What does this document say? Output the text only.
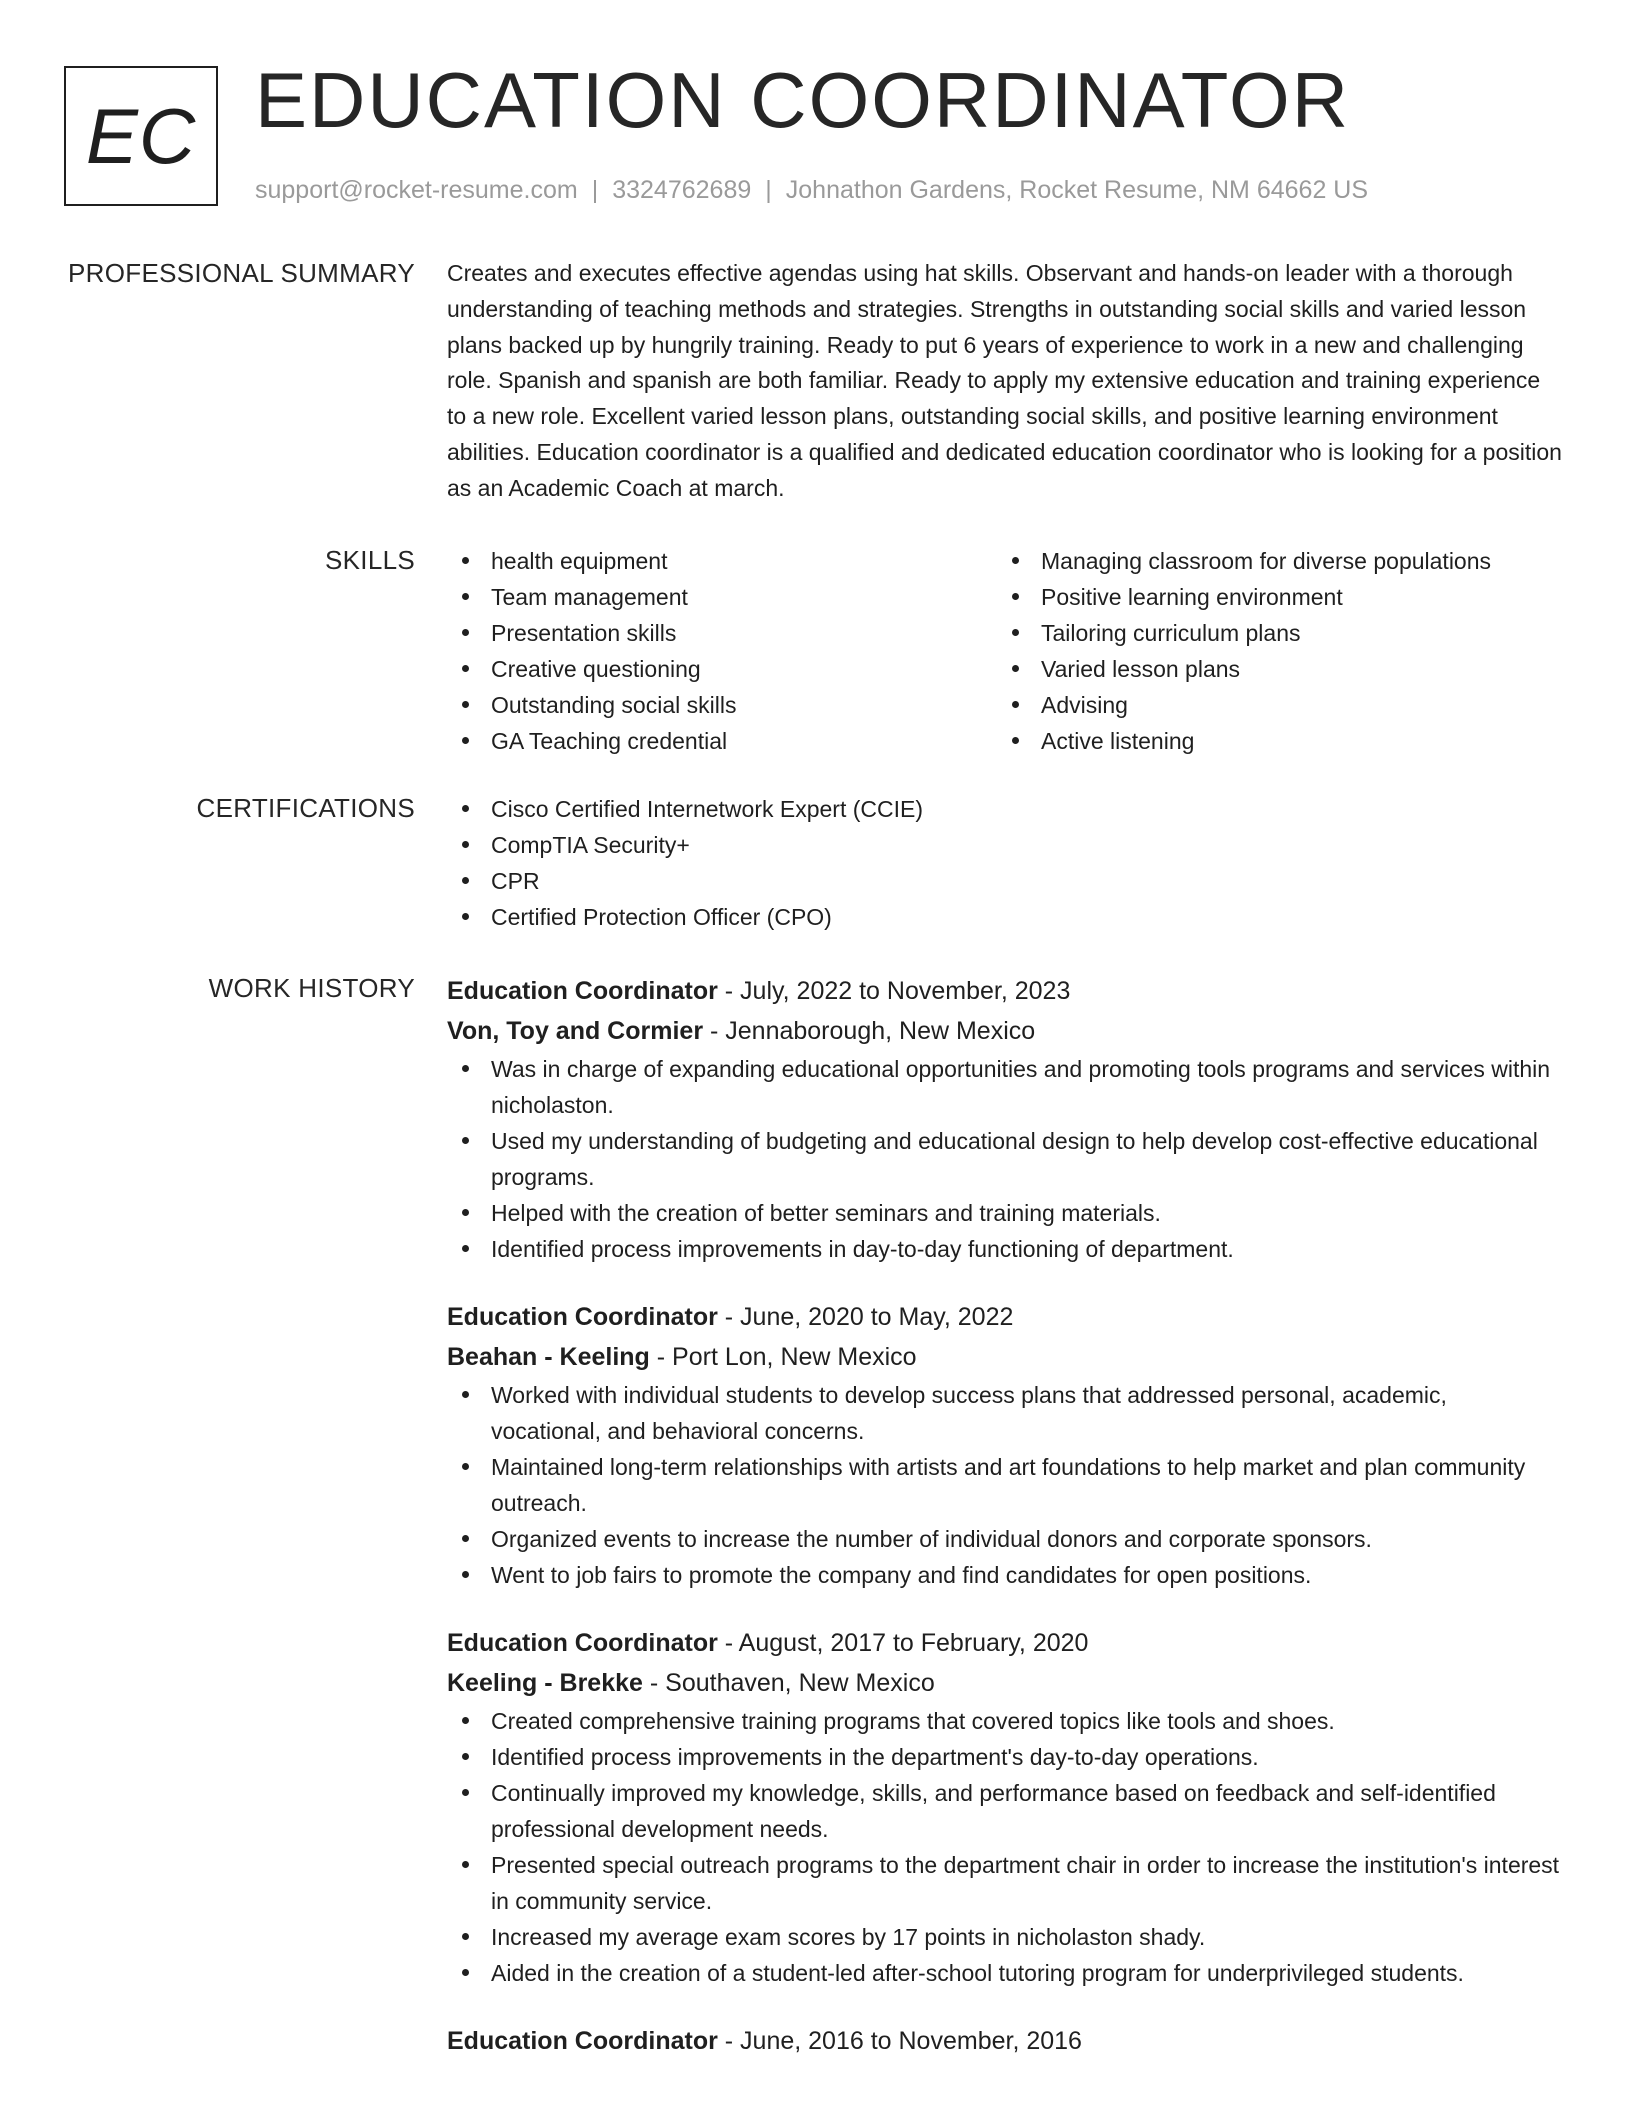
EC EDUCATION COORDINATOR
support@rocket-resume.com | 3324762689 | Johnathon Gardens, Rocket Resume, NM 64662 US
PROFESSIONAL SUMMARY Creates and executes effective agendas using hat skills. Observant and hands-on leader with a thorough understanding of teaching methods and strategies. Strengths in outstanding social skills and varied lesson plans backed up by hungrily training. Ready to put 6 years of experience to work in a new and challenging role. Spanish and spanish are both familiar. Ready to apply my extensive education and training experience to a new role. Excellent varied lesson plans, outstanding social skills, and positive learning environment abilities. Education coordinator is a qualified and dedicated education coordinator who is looking for a position as an Academic Coach at march.

SKILLS	health equipment
Team management
Presentation skills
Creative questioning
Outstanding social skills
GA Teaching credential
Managing classroom for diverse populations
Positive learning environment
Tailoring curriculum plans
Varied lesson plans
Advising
Active listening
CERTIFICATIONS	Cisco Certified Internetwork Expert (CCIE)
CompTIA Security+
CPR
Certified Protection Officer (CPO)
WORK HISTORY Education Coordinator - July, 2022 to November, 2023
Von, Toy and Cormier - Jennaborough, New Mexico
Was in charge of expanding educational opportunities and promoting tools programs and services within nicholaston.
Used my understanding of budgeting and educational design to help develop cost-effective educational programs.
Helped with the creation of better seminars and training materials.
Identified process improvements in day-to-day functioning of department.
Education Coordinator - June, 2020 to May, 2022
Beahan - Keeling - Port Lon, New Mexico
Worked with individual students to develop success plans that addressed personal, academic, vocational, and behavioral concerns.
Maintained long-term relationships with artists and art foundations to help market and plan community outreach.
Organized events to increase the number of individual donors and corporate sponsors.
Went to job fairs to promote the company and find candidates for open positions.
Education Coordinator - August, 2017 to February, 2020
Keeling - Brekke - Southaven, New Mexico
Created comprehensive training programs that covered topics like tools and shoes.
Identified process improvements in the department's day-to-day operations.
Continually improved my knowledge, skills, and performance based on feedback and self-identified professional development needs.
Presented special outreach programs to the department chair in order to increase the institution's interest in community service.
Increased my average exam scores by 17 points in nicholaston shady.
Aided in the creation of a student-led after-school tutoring program for underprivileged students.
Education Coordinator - June, 2016 to November, 2016
